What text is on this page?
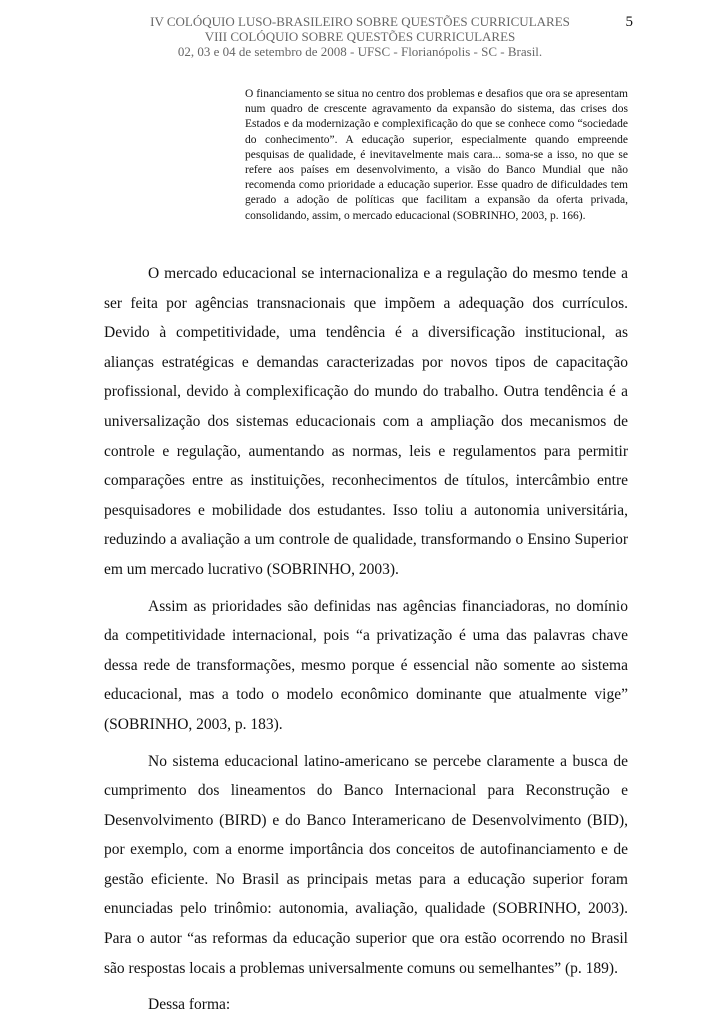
IV COLÓQUIO LUSO-BRASILEIRO SOBRE QUESTÕES CURRICULARES
VIII COLÓQUIO SOBRE QUESTÕES CURRICULARES
02, 03 e 04 de setembro de 2008 - UFSC - Florianópolis - SC - Brasil.
5

O financiamento se situa no centro dos problemas e desafios que ora se apresentam num quadro de crescente agravamento da expansão do sistema, das crises dos Estados e da modernização e complexificação do que se conhece como “sociedade do conhecimento”. A educação superior, especialmente quando empreende pesquisas de qualidade, é inevitavelmente mais cara... soma-se a isso, no que se refere aos países em desenvolvimento, a visão do Banco Mundial que não recomenda como prioridade a educação superior. Esse quadro de dificuldades tem gerado a adoção de políticas que facilitam a expansão da oferta privada, consolidando, assim, o mercado educacional (SOBRINHO, 2003, p. 166).

O mercado educacional se internacionaliza e a regulação do mesmo tende a ser feita por agências transnacionais que impõem a adequação dos currículos. Devido à competitividade, uma tendência é a diversificação institucional, as alianças estratégicas e demandas caracterizadas por novos tipos de capacitação profissional, devido à complexificação do mundo do trabalho. Outra tendência é a universalização dos sistemas educacionais com a ampliação dos mecanismos de controle e regulação, aumentando as normas, leis e regulamentos para permitir comparações entre as instituições, reconhecimentos de títulos, intercâmbio entre pesquisadores e mobilidade dos estudantes. Isso toliu a autonomia universitária, reduzindo a avaliação a um controle de qualidade, transformando o Ensino Superior em um mercado lucrativo (SOBRINHO, 2003).

Assim as prioridades são definidas nas agências financiadoras, no domínio da competitividade internacional, pois “a privatização é uma das palavras chave dessa rede de transformações, mesmo porque é essencial não somente ao sistema educacional, mas a todo o modelo econômico dominante que atualmente vige” (SOBRINHO, 2003, p. 183).

No sistema educacional latino-americano se percebe claramente a busca de cumprimento dos lineamentos do Banco Internacional para Reconstrução e Desenvolvimento (BIRD) e do Banco Interamericano de Desenvolvimento (BID), por exemplo, com a enorme importância dos conceitos de autofinanciamento e de gestão eficiente. No Brasil as principais metas para a educação superior foram enunciadas pelo trinômio: autonomia, avaliação, qualidade (SOBRINHO, 2003). Para o autor “as reformas da educação superior que ora estão ocorrendo no Brasil são respostas locais a problemas universalmente comuns ou semelhantes” (p. 189).

Dessa forma:
